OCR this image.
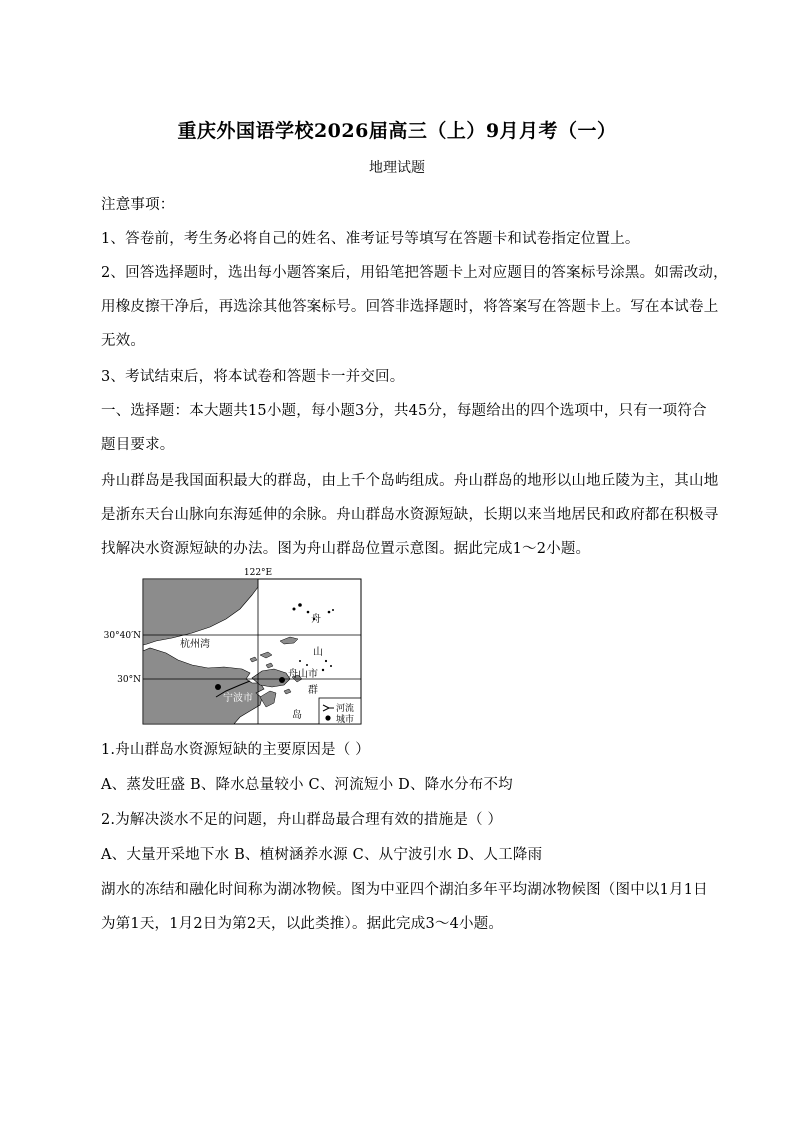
重庆外国语学校2026届高三（上）9月月考（一）
地理试题
注意事项：
1、答卷前，考生务必将自己的姓名、准考证号等填写在答题卡和试卷指定位置上。
2、回答选择题时，选出每小题答案后，用铅笔把答题卡上对应题目的答案标号涂黑。如需改动，
用橡皮擦干净后，再选涂其他答案标号。回答非选择题时，将答案写在答题卡上。写在本试卷上
无效。
3、考试结束后，将本试卷和答题卡一并交回。
一、选择题：本大题共15小题，每小题3分，共45分，每题给出的四个选项中，只有一项符合
题目要求。
舟山群岛是我国面积最大的群岛，由上千个岛屿组成。舟山群岛的地形以山地丘陵为主，其山地
是浙东天台山脉向东海延伸的余脉。舟山群岛水资源短缺，长期以来当地居民和政府都在积极寻
找解决水资源短缺的办法。图为舟山群岛位置示意图。据此完成1～2小题。
122°E
30°40′N
30°N
杭州湾
宁波市
舟山市
舟
山
群
岛
河流
城市
1.舟山群岛水资源短缺的主要原因是（ ）
A、蒸发旺盛 B、降水总量较小 C、河流短小 D、降水分布不均
2.为解决淡水不足的问题，舟山群岛最合理有效的措施是（ ）
A、大量开采地下水 B、植树涵养水源 C、从宁波引水 D、人工降雨
湖水的冻结和融化时间称为湖冰物候。图为中亚四个湖泊多年平均湖冰物候图（图中以1月1日
为第1天，1月2日为第2天，以此类推）。据此完成3～4小题。
